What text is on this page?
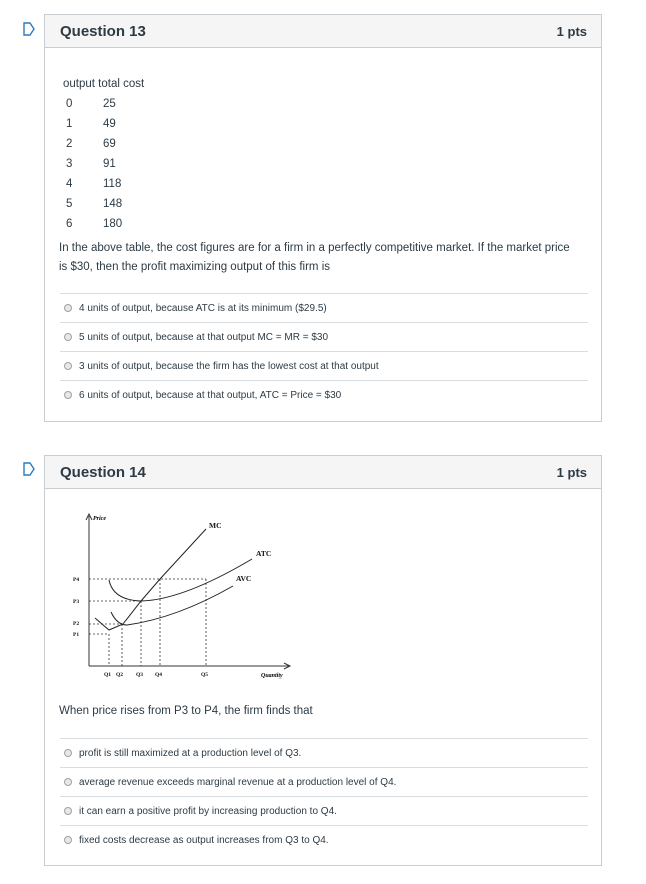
Question 13	1 pts
output total cost
0	25
1	49
2	69
3	91
4	118
5	148
6	180
In the above table, the cost figures are for a firm in a perfectly competitive market. If the market price is $30, then the profit maximizing output of this firm is
4 units of output, because ATC is at its minimum ($29.5)
5 units of output, because at that output MC = MR = $30
3 units of output, because the firm has the lowest cost at that output
6 units of output, because at that output, ATC = Price = $30
Question 14	1 pts
Price
Quantity
MC
ATC
AVC
P4
P3
P2
P1
Q1 Q2 Q3 Q4	Q5
When price rises from P3 to P4, the firm finds that
profit is still maximized at a production level of Q3.
average revenue exceeds marginal revenue at a production level of Q4.
it can earn a positive profit by increasing production to Q4.
fixed costs decrease as output increases from Q3 to Q4.
